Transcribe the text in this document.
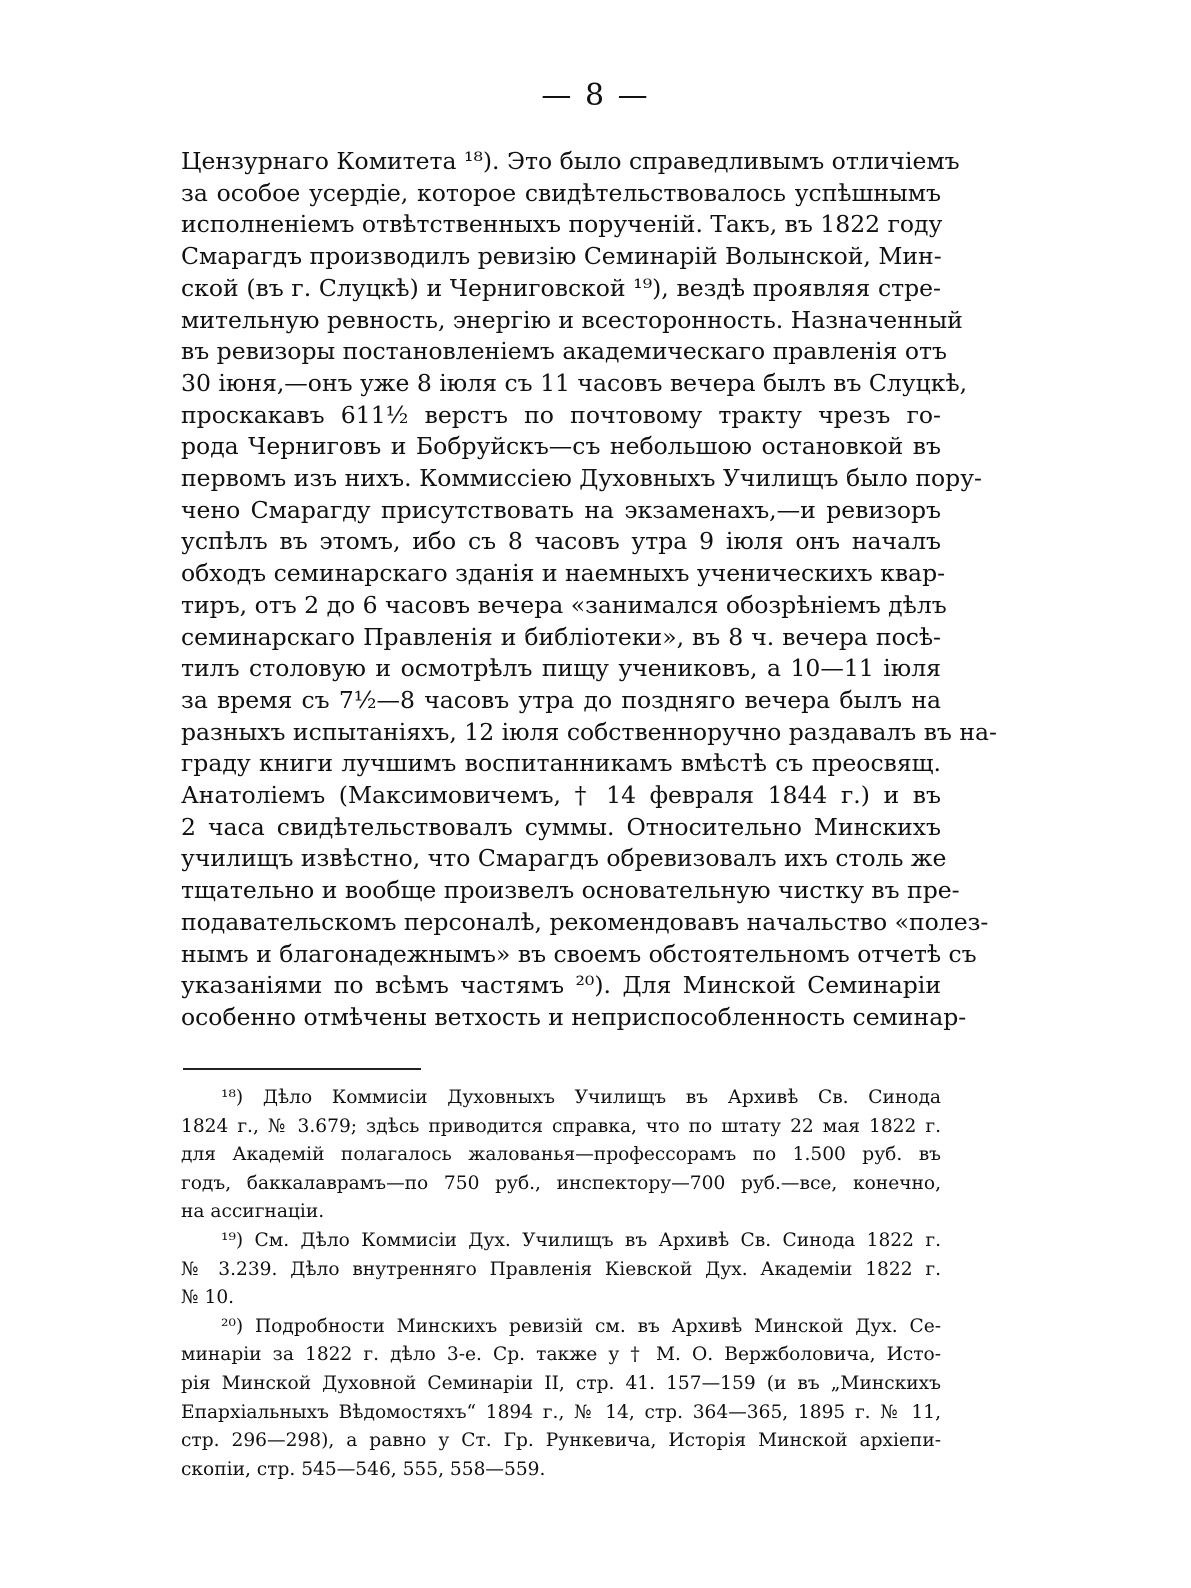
— 8 —
Цензурнаго Комитета ¹⁸). Это было справедливымъ отличiемъ
за особое усердiе, которое свидѣтельствовалось успѣшнымъ
исполненiемъ отвѣтственныхъ порученiй. Такъ, въ 1822 году
Смарагдъ производилъ ревизiю Семинарiй Волынской, Мин-
ской (въ г. Слуцкѣ) и Черниговской ¹⁹), вездѣ проявляя стре-
мительную ревность, энергiю и всесторонность. Назначенный
въ ревизоры постановленiемъ академическаго правленiя отъ
30 iюня,—онъ уже 8 iюля съ 11 часовъ вечера былъ въ Слуцкѣ,
проскакавъ 611½ верстъ по почтовому тракту чрезъ го-
рода Черниговъ и Бобруйскъ—съ небольшою остановкой въ
первомъ изъ нихъ. Коммиссiею Духовныхъ Училищъ было пору-
чено Смарагду присутствовать на экзаменахъ,—и ревизоръ
успѣлъ въ этомъ, ибо съ 8 часовъ утра 9 iюля онъ началъ
обходъ семинарскаго зданiя и наемныхъ ученическихъ квар-
тиръ, отъ 2 до 6 часовъ вечера «занимался обозрѣнiемъ дѣлъ
семинарскаго Правленiя и библiотеки», въ 8 ч. вечера посѣ-
тилъ столовую и осмотрѣлъ пищу учениковъ, а 10—11 iюля
за время съ 7½—8 часовъ утра до поздняго вечера былъ на
разныхъ испытанiяхъ, 12 iюля собственноручно раздавалъ въ на-
граду книги лучшимъ воспитанникамъ вмѣстѣ съ преосвящ.
Анатолiемъ (Максимовичемъ, † 14 февраля 1844 г.) и въ
2 часа свидѣтельствовалъ суммы. Относительно Минскихъ
училищъ извѣстно, что Смарагдъ обревизовалъ ихъ столь же
тщательно и вообще произвелъ основательную чистку въ пре-
подавательскомъ персоналѣ, рекомендовавъ начальство «полез-
нымъ и благонадежнымъ» въ своемъ обстоятельномъ отчетѣ съ
указанiями по всѣмъ частямъ ²⁰). Для Минской Семинарiи
особенно отмѣчены ветхость и неприспособленность семинар-
¹⁸) Дѣло Коммисiи Духовныхъ Училищъ въ Архивѣ Св. Синода
1824 г., № 3.679; здѣсь приводится справка, что по штату 22 мая 1822 г.
для Академiй полагалось жалованья—профессорамъ по 1.500 руб. въ
годъ, баккалаврамъ—по 750 руб., инспектору—700 руб.—все, конечно,
на ассигнацiи.
¹⁹) См. Дѣло Коммисiи Дух. Училищъ въ Архивѣ Св. Синода 1822 г.
№ 3.239. Дѣло внутренняго Правленiя Кiевской Дух. Академiи 1822 г.
№ 10.
²⁰) Подробности Минскихъ ревизiй см. въ Архивѣ Минской Дух. Се-
минарiи за 1822 г. дѣло 3-е. Ср. также у † М. О. Вержболовича, Исто-
рiя Минской Духовной Семинарiи II, стр. 41. 157—159 (и въ „Минскихъ
Епархiальныхъ Вѣдомостяхъ“ 1894 г., № 14, стр. 364—365, 1895 г. № 11,
стр. 296—298), а равно у Ст. Гр. Рункевича, Исторiя Минской архiепи-
скопiи, стр. 545—546, 555, 558—559.
